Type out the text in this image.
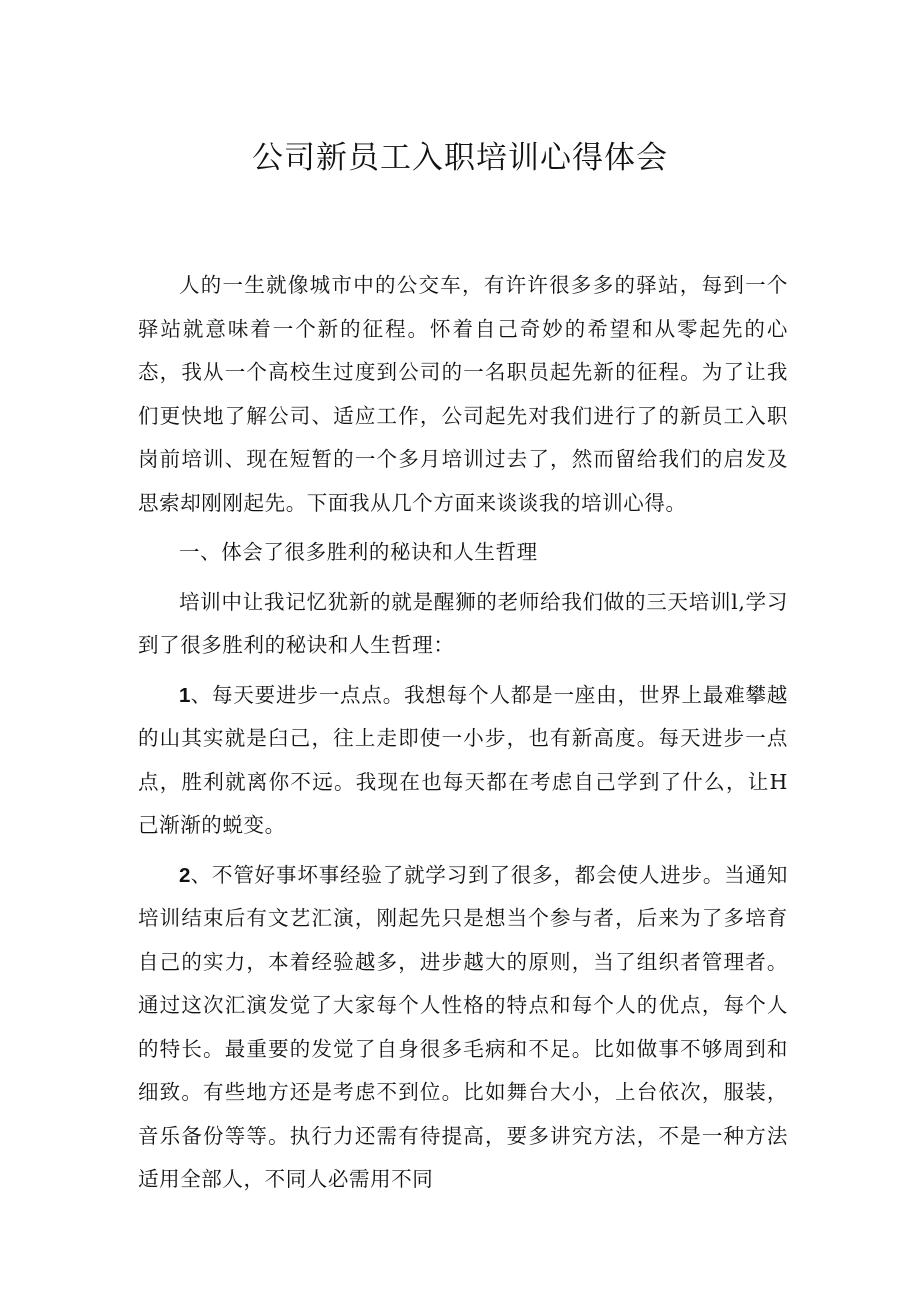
公司新员工入职培训心得体会

人的一生就像城市中的公交车，有许许很多多的驿站，每到一个驿站就意味着一个新的征程。怀着自己奇妙的希望和从零起先的心态，我从一个高校生过度到公司的一名职员起先新的征程。为了让我们更快地了解公司、适应工作，公司起先对我们进行了的新员工入职岗前培训、现在短暂的一个多月培训过去了，然而留给我们的启发及思索却刚刚起先。下面我从几个方面来谈谈我的培训心得。

一、体会了很多胜利的秘诀和人生哲理

培训中让我记忆犹新的就是醒狮的老师给我们做的三天培训l,学习到了很多胜利的秘诀和人生哲理：

1、每天要进步一点点。我想每个人都是一座由，世界上最难攀越的山其实就是臼己，往上走即使一小步，也有新高度。每天进步一点点，胜利就离你不远。我现在也每天都在考虑自己学到了什么，让H己渐渐的蜕变。

2、不管好事坏事经验了就学习到了很多，都会使人进步。当通知培训结束后有文艺汇演，刚起先只是想当个参与者，后来为了多培育自己的实力，本着经验越多，进步越大的原则，当了组织者管理者。通过这次汇演发觉了大家每个人性格的特点和每个人的优点，每个人的特长。最重要的发觉了自身很多毛病和不足。比如做事不够周到和细致。有些地方还是考虑不到位。比如舞台大小，上台依次，服装，音乐备份等等。执行力还需有待提高，要多讲究方法，不是一种方法适用全部人，不同人必需用不同
